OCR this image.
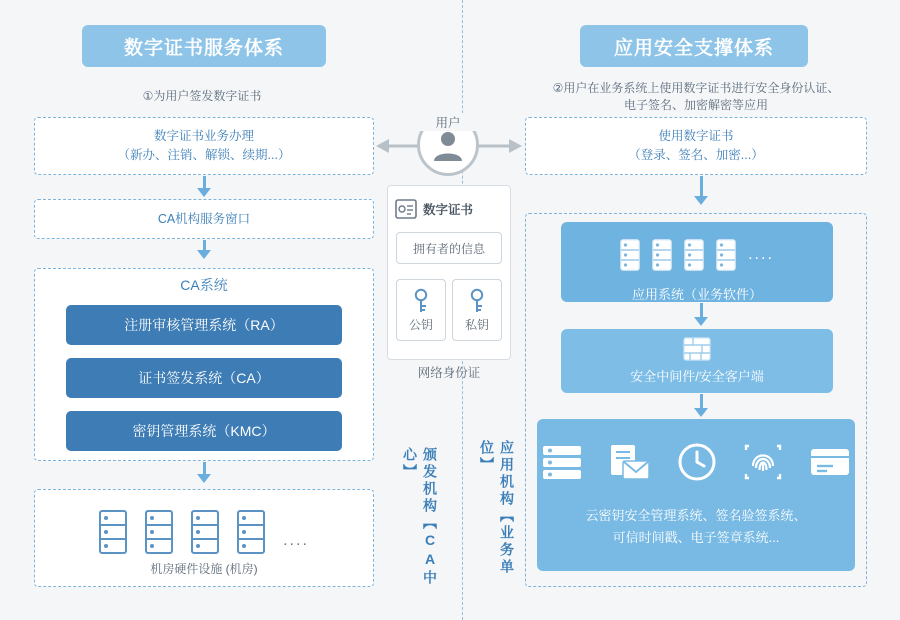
数字证书服务体系	应用安全支撑体系
①为用户签发数字证书
②用户在业务系统上使用数字证书进行安全身份认证、
电子签名、加密解密等应用
数字证书业务办理
（新办、注销、解锁、续期...）
CA机构服务窗口
CA系统
注册审核管理系统（RA）
证书签发系统（CA）
密钥管理系统（KMC）
....
机房硬件设施 (机房)
用户
数字证书
拥有者的信息
公钥	私钥
网络身份证
颁发机构【CA中心】	应用机构【业务单位】
使用数字证书
（登录、签名、加密...）
....
应用系统（业务软件）
安全中间件/安全客户端
云密钥安全管理系统、签名验签系统、
可信时间戳、电子签章系统...
